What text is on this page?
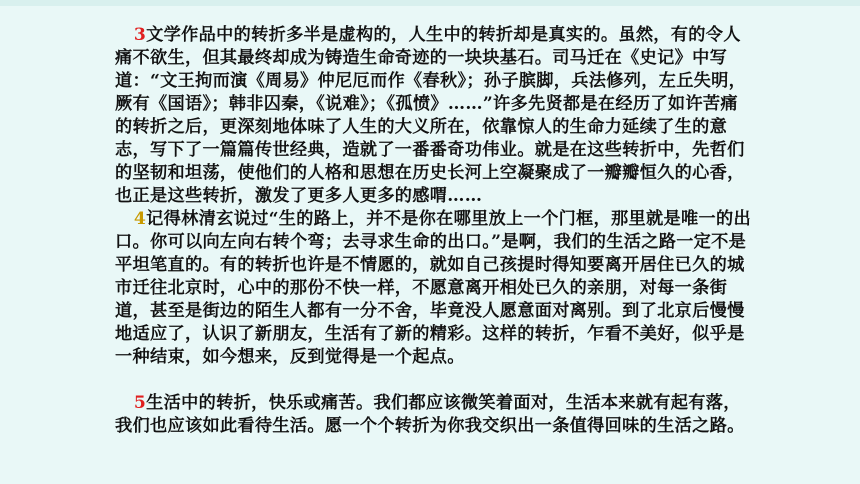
3文学作品中的转折多半是虚构的，人生中的转折却是真实的。虽然，有的令人痛不欲生，但其最终却成为铸造生命奇迹的一块块基石。司马迁在《史记》中写道：“文王拘而演《周易》仲尼厄而作《春秋》；孙子膑脚，兵法修列，左丘失明，厥有《国语》；韩非囚秦，《说难》；《孤愤》……”许多先贤都是在经历了如许苦痛的转折之后，更深刻地体味了人生的大义所在，依靠惊人的生命力延续了生的意志，写下了一篇篇传世经典，造就了一番番奇功伟业。就是在这些转折中，先哲们的坚韧和坦荡，使他们的人格和思想在历史长河上空凝聚成了一瓣瓣恒久的心香，也正是这些转折，激发了更多人更多的感喟……

4记得林清玄说过“生的路上，并不是你在哪里放上一个门框，那里就是唯一的出口。你可以向左向右转个弯；去寻求生命的出口。”是啊，我们的生活之路一定不是平坦笔直的。有的转折也许是不情愿的，就如自己孩提时得知要离开居住已久的城市迁往北京时，心中的那份不快一样，不愿意离开相处已久的亲朋，对每一条街道，甚至是街边的陌生人都有一分不舍，毕竟没人愿意面对离别。到了北京后慢慢地适应了，认识了新朋友，生活有了新的精彩。这样的转折，乍看不美好，似乎是一种结束，如今想来，反到觉得是一个起点。

5生活中的转折，快乐或痛苦。我们都应该微笑着面对，生活本来就有起有落，我们也应该如此看待生活。愿一个个转折为你我交织出一条值得回味的生活之路。
